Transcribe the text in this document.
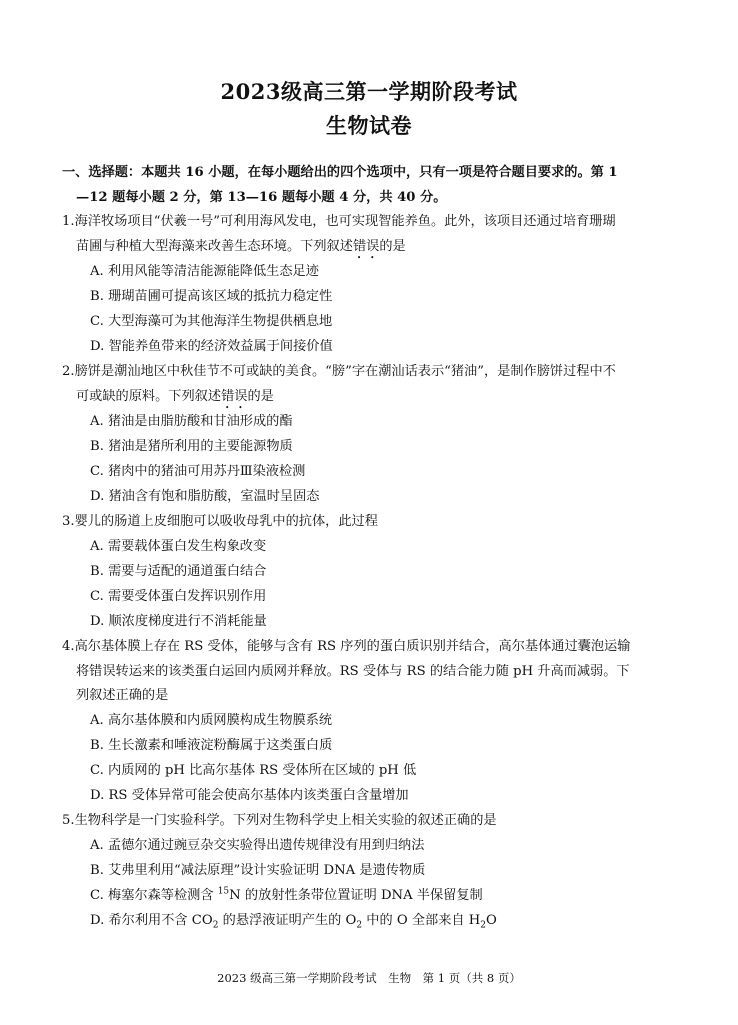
2023级高三第一学期阶段考试
生物试卷
一、选择题：本题共 16 小题，在每小题给出的四个选项中，只有一项是符合题目要求的。第 1
—12 题每小题 2 分，第 13—16 题每小题 4 分，共 40 分。
1.海洋牧场项目“伏羲一号”可利用海风发电，也可实现智能养鱼。此外，该项目还通过培育珊瑚
苗圃与种植大型海藻来改善生态环境。下列叙述错误的是
A. 利用风能等清洁能源能降低生态足迹
B. 珊瑚苗圃可提高该区域的抵抗力稳定性
C. 大型海藻可为其他海洋生物提供栖息地
D. 智能养鱼带来的经济效益属于间接价值
2.膀饼是潮汕地区中秋佳节不可或缺的美食。“膀”字在潮汕话表示“猪油”，是制作膀饼过程中不
可或缺的原料。下列叙述错误的是
A. 猪油是由脂肪酸和甘油形成的酯
B. 猪油是猪所利用的主要能源物质
C. 猪肉中的猪油可用苏丹Ⅲ染液检测
D. 猪油含有饱和脂肪酸，室温时呈固态
3.婴儿的肠道上皮细胞可以吸收母乳中的抗体，此过程
A. 需要载体蛋白发生构象改变
B. 需要与适配的通道蛋白结合
C. 需要受体蛋白发挥识别作用
D. 顺浓度梯度进行不消耗能量
4.高尔基体膜上存在 RS 受体，能够与含有 RS 序列的蛋白质识别并结合，高尔基体通过囊泡运输
将错误转运来的该类蛋白运回内质网并释放。RS 受体与 RS 的结合能力随 pH 升高而减弱。下
列叙述正确的是
A. 高尔基体膜和内质网膜构成生物膜系统
B. 生长激素和唾液淀粉酶属于这类蛋白质
C. 内质网的 pH 比高尔基体 RS 受体所在区域的 pH 低
D. RS 受体异常可能会使高尔基体内该类蛋白含量增加
5.生物科学是一门实验科学。下列对生物科学史上相关实验的叙述正确的是
A. 孟德尔通过豌豆杂交实验得出遗传规律没有用到归纳法
B. 艾弗里利用“减法原理”设计实验证明 DNA 是遗传物质
C. 梅塞尔森等检测含 $^{15}$N 的放射性条带位置证明 DNA 半保留复制
D. 希尔利用不含 $CO_2$ 的悬浮液证明产生的 $O_2$ 中的 O 全部来自 $H_2O$
2023 级高三第一学期阶段考试　生物　第 1 页（共 8 页）
